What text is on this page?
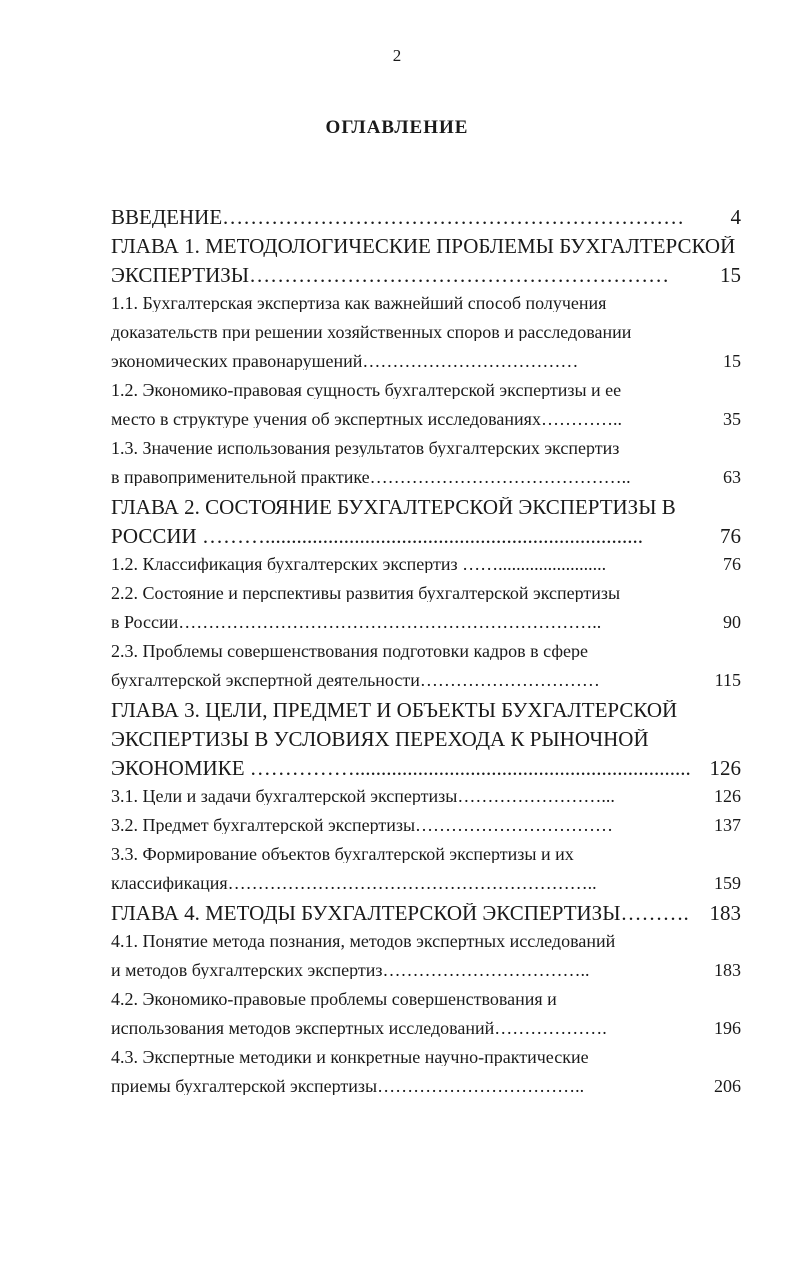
2
ОГЛАВЛЕНИЕ
ВВЕДЕНИЕ………………………………………………………… 4
ГЛАВА 1. МЕТОДОЛОГИЧЕСКИЕ ПРОБЛЕМЫ БУХГАЛТЕРСКОЙ
ЭКСПЕРТИЗЫ…………………………………………………… 15
1.1. Бухгалтерская экспертиза как важнейший способ получения
доказательств при решении хозяйственных споров и расследовании
экономических правонарушений………………………………	15
1.2. Экономико-правовая сущность бухгалтерской экспертизы и ее
место в структуре учения об экспертных исследованиях…………..	35
1.3. Значение использования результатов бухгалтерских экспертиз
в правоприменительной практике……………………………………..	63
ГЛАВА 2. СОСТОЯНИЕ БУХГАЛТЕРСКОЙ ЭКСПЕРТИЗЫ В
РОССИИ ………........................................................................	76
1.2. Классификация бухгалтерских экспертиз ……........................	76
2.2. Состояние и перспективы развития бухгалтерской экспертизы
в России……………………………………………………………..	90
2.3. Проблемы совершенствования подготовки кадров в сфере
бухгалтерской экспертной деятельности…………………………	115
ГЛАВА 3. ЦЕЛИ, ПРЕДМЕТ И ОБЪЕКТЫ БУХГАЛТЕРСКОЙ
ЭКСПЕРТИЗЫ В УСЛОВИЯХ ПЕРЕХОДА К РЫНОЧНОЙ
ЭКОНОМИКЕ ……………................................................................ 126
3.1. Цели и задачи бухгалтерской экспертизы……………………...	126
3.2. Предмет бухгалтерской экспертизы……………………………	137
3.3. Формирование объектов бухгалтерской экспертизы и их
классификация……………………………………………………..	159
ГЛАВА 4. МЕТОДЫ БУХГАЛТЕРСКОЙ ЭКСПЕРТИЗЫ………. 183
4.1. Понятие метода познания, методов экспертных исследований
и методов бухгалтерских экспертиз……………………………..	183
4.2. Экономико-правовые проблемы совершенствования и
использования методов экспертных исследований……………….	196
4.3. Экспертные методики и конкретные научно-практические
приемы бухгалтерской экспертизы……………………………..	206
